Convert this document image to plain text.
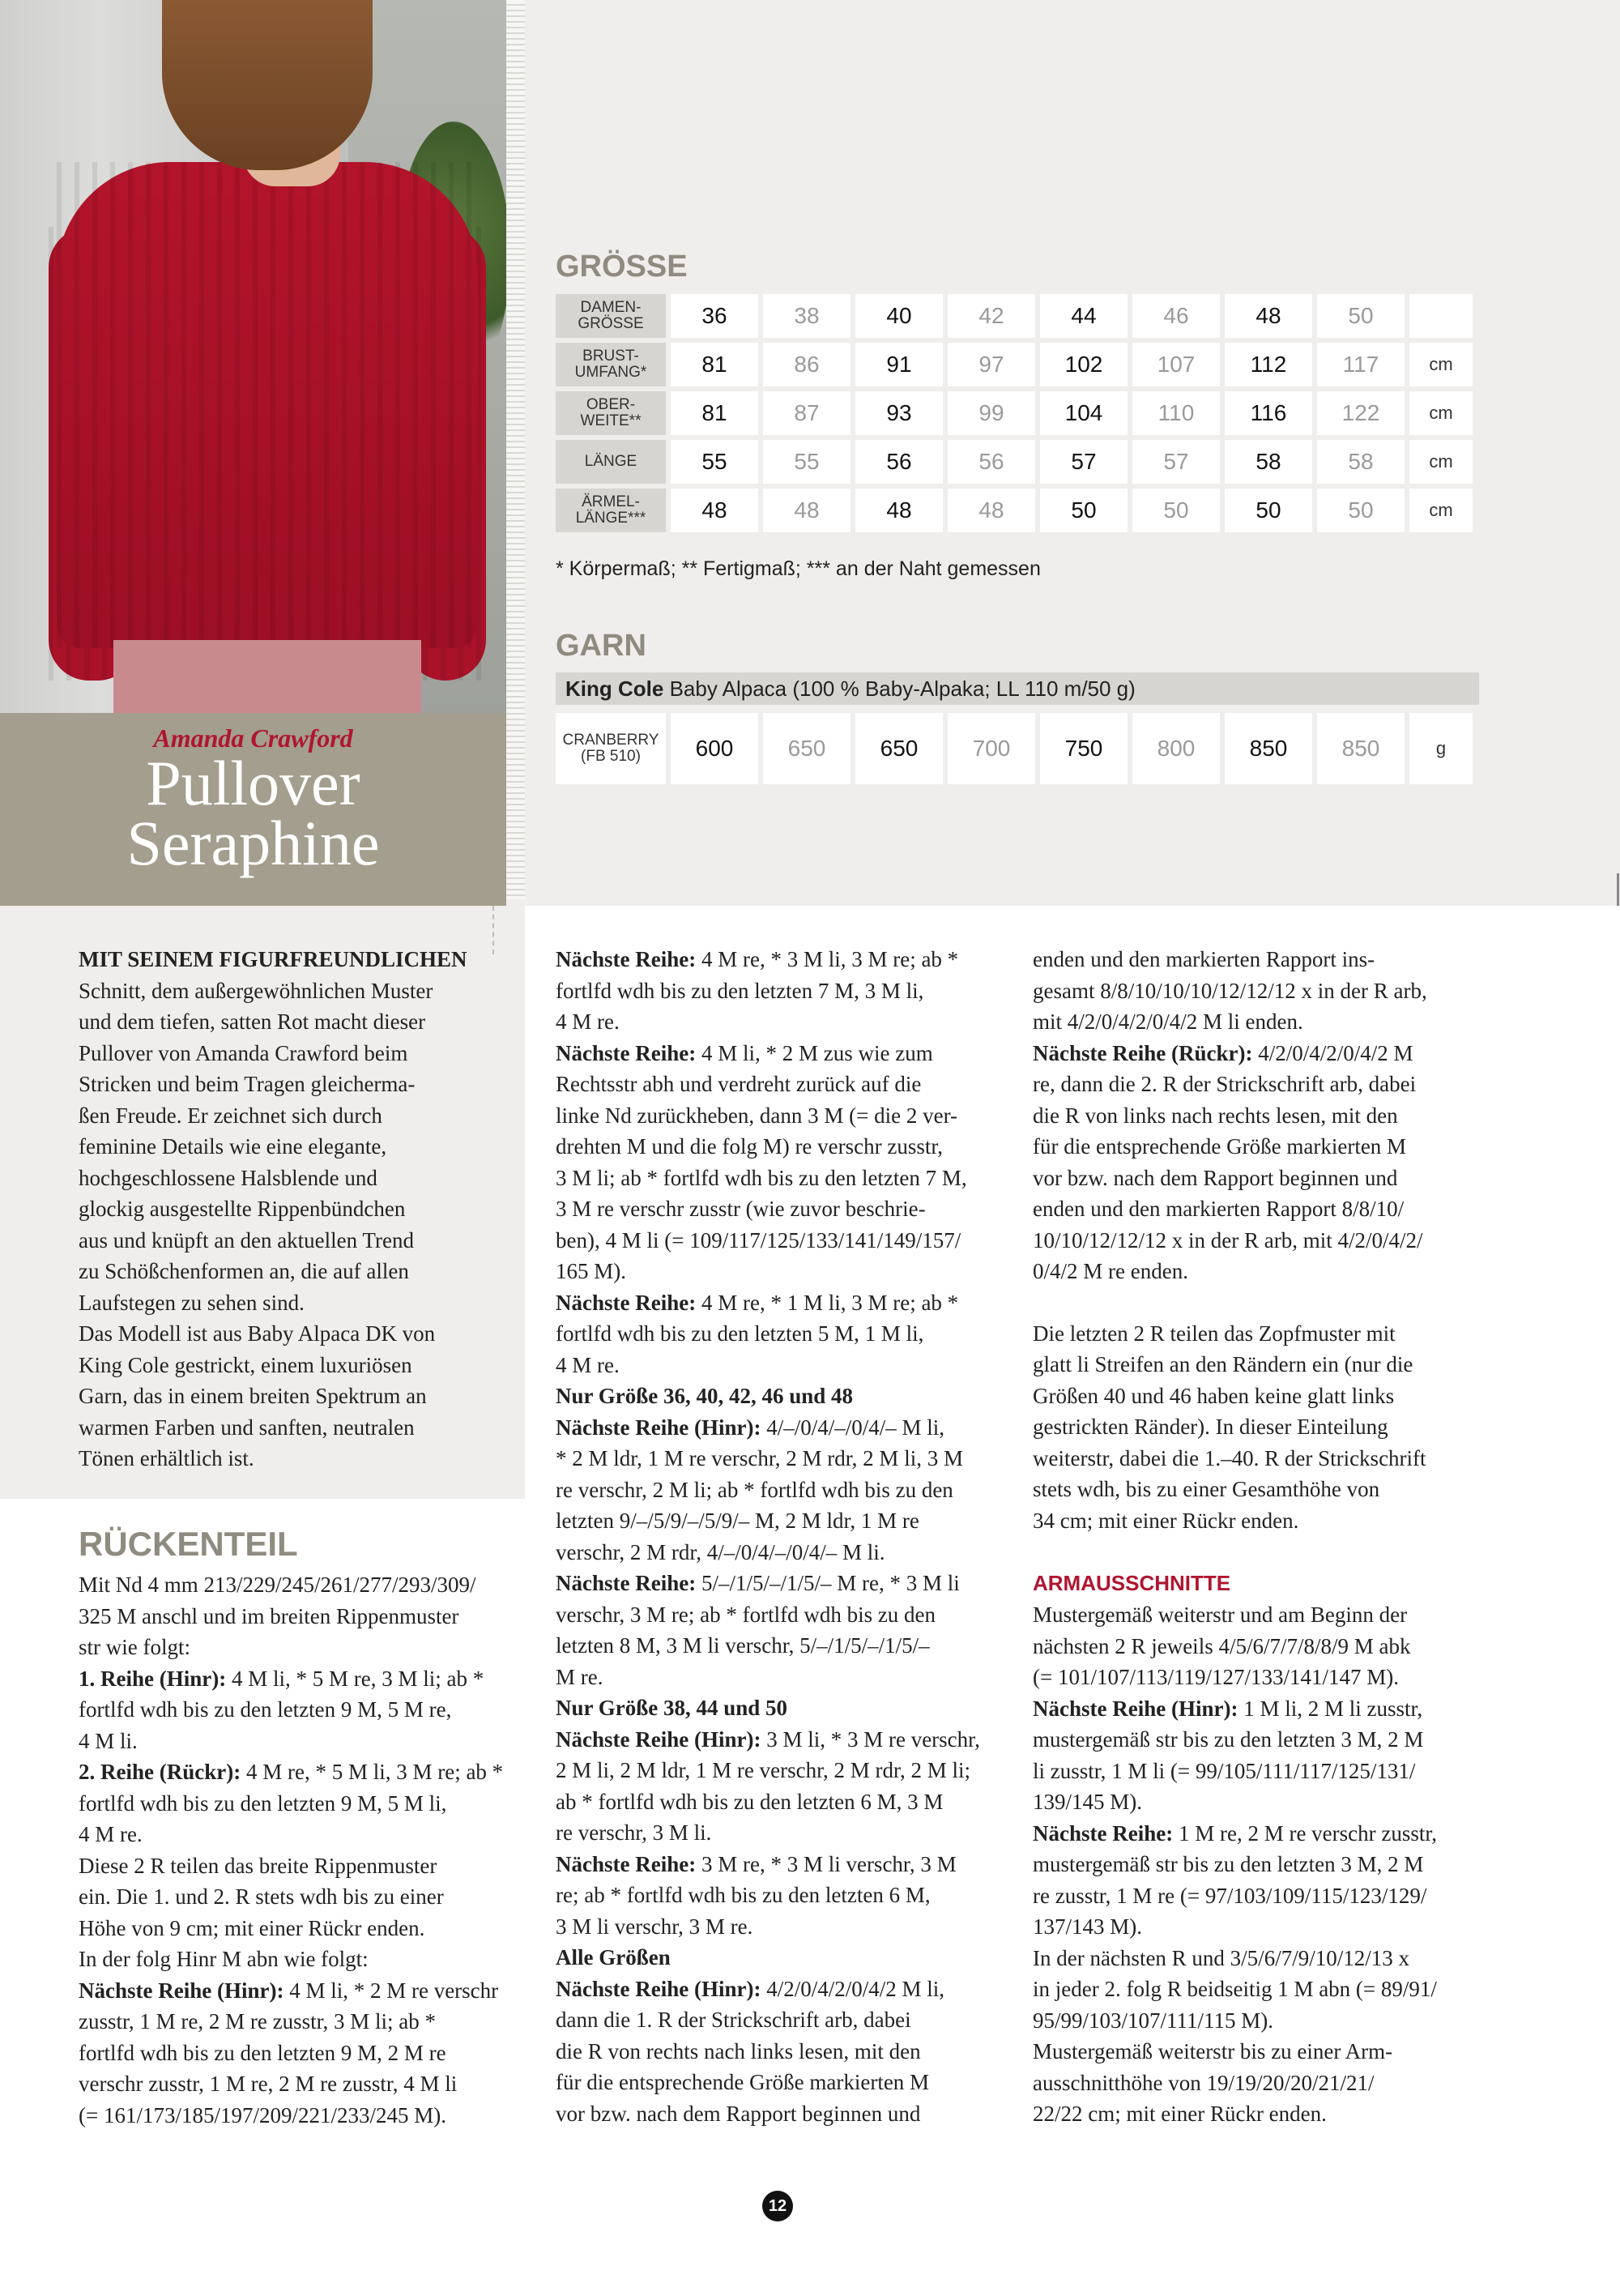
Amanda Crawford
Pullover
Seraphine
GRÖSSE
DAMEN-
GRÖSSE	36	38	40	42	44	46	48	50	
BRUST-
UMFANG*	81	86	91	97	102	107	112	117	cm
OBER-
WEITE**	81	87	93	99	104	110	116	122	cm
LÄNGE	55	55	56	56	57	57	58	58	cm
ÄRMEL-
LÄNGE***	48	48	48	48	50	50	50	50	cm
* Körpermaß; ** Fertigmaß; *** an der Naht gemessen
GARN
King Cole Baby Alpaca (100 % Baby-Alpaka; LL 110 m/50 g)
CRANBERRY
(FB 510)	600	650	650	700	750	800	850	850	g

MIT SEINEM FIGURFREUNDLICHEN

Schnitt, dem außergewöhnlichen Muster

und dem tiefen, satten Rot macht dieser

Pullover von Amanda Crawford beim

Stricken und beim Tragen gleicherma-

ßen Freude. Er zeichnet sich durch

feminine Details wie eine elegante,

hochgeschlossene Halsblende und

glockig ausgestellte Rippenbündchen

aus und knüpft an den aktuellen Trend

zu Schößchenformen an, die auf allen

Laufstegen zu sehen sind.

Das Modell ist aus Baby Alpaca DK von

King Cole gestrickt, einem luxuriösen

Garn, das in einem breiten Spektrum an

warmen Farben und sanften, neutralen

Tönen erhältlich ist.

RÜCKENTEIL

Mit Nd 4 mm 213/229/245/261/277/293/309/

325 M anschl und im breiten Rippenmuster

str wie folgt:

1. Reihe (Hinr): 4 M li, * 5 M re, 3 M li; ab *

fortlfd wdh bis zu den letzten 9 M, 5 M re,

4 M li.

2. Reihe (Rückr): 4 M re, * 5 M li, 3 M re; ab *

fortlfd wdh bis zu den letzten 9 M, 5 M li,

4 M re.

Diese 2 R teilen das breite Rippenmuster

ein. Die 1. und 2. R stets wdh bis zu einer

Höhe von 9 cm; mit einer Rückr enden.

In der folg Hinr M abn wie folgt:

Nächste Reihe (Hinr): 4 M li, * 2 M re verschr

zusstr, 1 M re, 2 M re zusstr, 3 M li; ab *

fortlfd wdh bis zu den letzten 9 M, 2 M re

verschr zusstr, 1 M re, 2 M re zusstr, 4 M li

(= 161/173/185/197/209/221/233/245 M).

Nächste Reihe: 4 M re, * 3 M li, 3 M re; ab *

fortlfd wdh bis zu den letzten 7 M, 3 M li,

4 M re.

Nächste Reihe: 4 M li, * 2 M zus wie zum

Rechtsstr abh und verdreht zurück auf die

linke Nd zurückheben, dann 3 M (= die 2 ver-

drehten M und die folg M) re verschr zusstr,

3 M li; ab * fortlfd wdh bis zu den letzten 7 M,

3 M re verschr zusstr (wie zuvor beschrie-

ben), 4 M li (= 109/117/125/133/141/149/157/

165 M).

Nächste Reihe: 4 M re, * 1 M li, 3 M re; ab *

fortlfd wdh bis zu den letzten 5 M, 1 M li,

4 M re.

Nur Größe 36, 40, 42, 46 und 48

Nächste Reihe (Hinr): 4/–/0/4/–/0/4/– M li,

* 2 M ldr, 1 M re verschr, 2 M rdr, 2 M li, 3 M

re verschr, 2 M li; ab * fortlfd wdh bis zu den

letzten 9/–/5/9/–/5/9/– M, 2 M ldr, 1 M re

verschr, 2 M rdr, 4/–/0/4/–/0/4/– M li.

Nächste Reihe: 5/–/1/5/–/1/5/– M re, * 3 M li

verschr, 3 M re; ab * fortlfd wdh bis zu den

letzten 8 M, 3 M li verschr, 5/–/1/5/–/1/5/–

M re.

Nur Größe 38, 44 und 50

Nächste Reihe (Hinr): 3 M li, * 3 M re verschr,

2 M li, 2 M ldr, 1 M re verschr, 2 M rdr, 2 M li;

ab * fortlfd wdh bis zu den letzten 6 M, 3 M

re verschr, 3 M li.

Nächste Reihe: 3 M re, * 3 M li verschr, 3 M

re; ab * fortlfd wdh bis zu den letzten 6 M,

3 M li verschr, 3 M re.

Alle Größen

Nächste Reihe (Hinr): 4/2/0/4/2/0/4/2 M li,

dann die 1. R der Strickschrift arb, dabei

die R von rechts nach links lesen, mit den

für die entsprechende Größe markierten M

vor bzw. nach dem Rapport beginnen und

enden und den markierten Rapport ins-

gesamt 8/8/10/10/10/12/12/12 x in der R arb,

mit 4/2/0/4/2/0/4/2 M li enden.

Nächste Reihe (Rückr): 4/2/0/4/2/0/4/2 M

re, dann die 2. R der Strickschrift arb, dabei

die R von links nach rechts lesen, mit den

für die entsprechende Größe markierten M

vor bzw. nach dem Rapport beginnen und

enden und den markierten Rapport 8/8/10/

10/10/12/12/12 x in der R arb, mit 4/2/0/4/2/

0/4/2 M re enden.

Die letzten 2 R teilen das Zopfmuster mit

glatt li Streifen an den Rändern ein (nur die

Größen 40 und 46 haben keine glatt links

gestrickten Ränder). In dieser Einteilung

weiterstr, dabei die 1.–40. R der Strickschrift

stets wdh, bis zu einer Gesamthöhe von

34 cm; mit einer Rückr enden.

ARMAUSSCHNITTE

Mustergemäß weiterstr und am Beginn der

nächsten 2 R jeweils 4/5/6/7/7/8/8/9 M abk

(= 101/107/113/119/127/133/141/147 M).

Nächste Reihe (Hinr): 1 M li, 2 M li zusstr,

mustergemäß str bis zu den letzten 3 M, 2 M

li zusstr, 1 M li (= 99/105/111/117/125/131/

139/145 M).

Nächste Reihe: 1 M re, 2 M re verschr zusstr,

mustergemäß str bis zu den letzten 3 M, 2 M

re zusstr, 1 M re (= 97/103/109/115/123/129/

137/143 M).

In der nächsten R und 3/5/6/7/9/10/12/13 x

in jeder 2. folg R beidseitig 1 M abn (= 89/91/

95/99/103/107/111/115 M).

Mustergemäß weiterstr bis zu einer Arm-

ausschnitthöhe von 19/19/20/20/21/21/

22/22 cm; mit einer Rückr enden.

12
